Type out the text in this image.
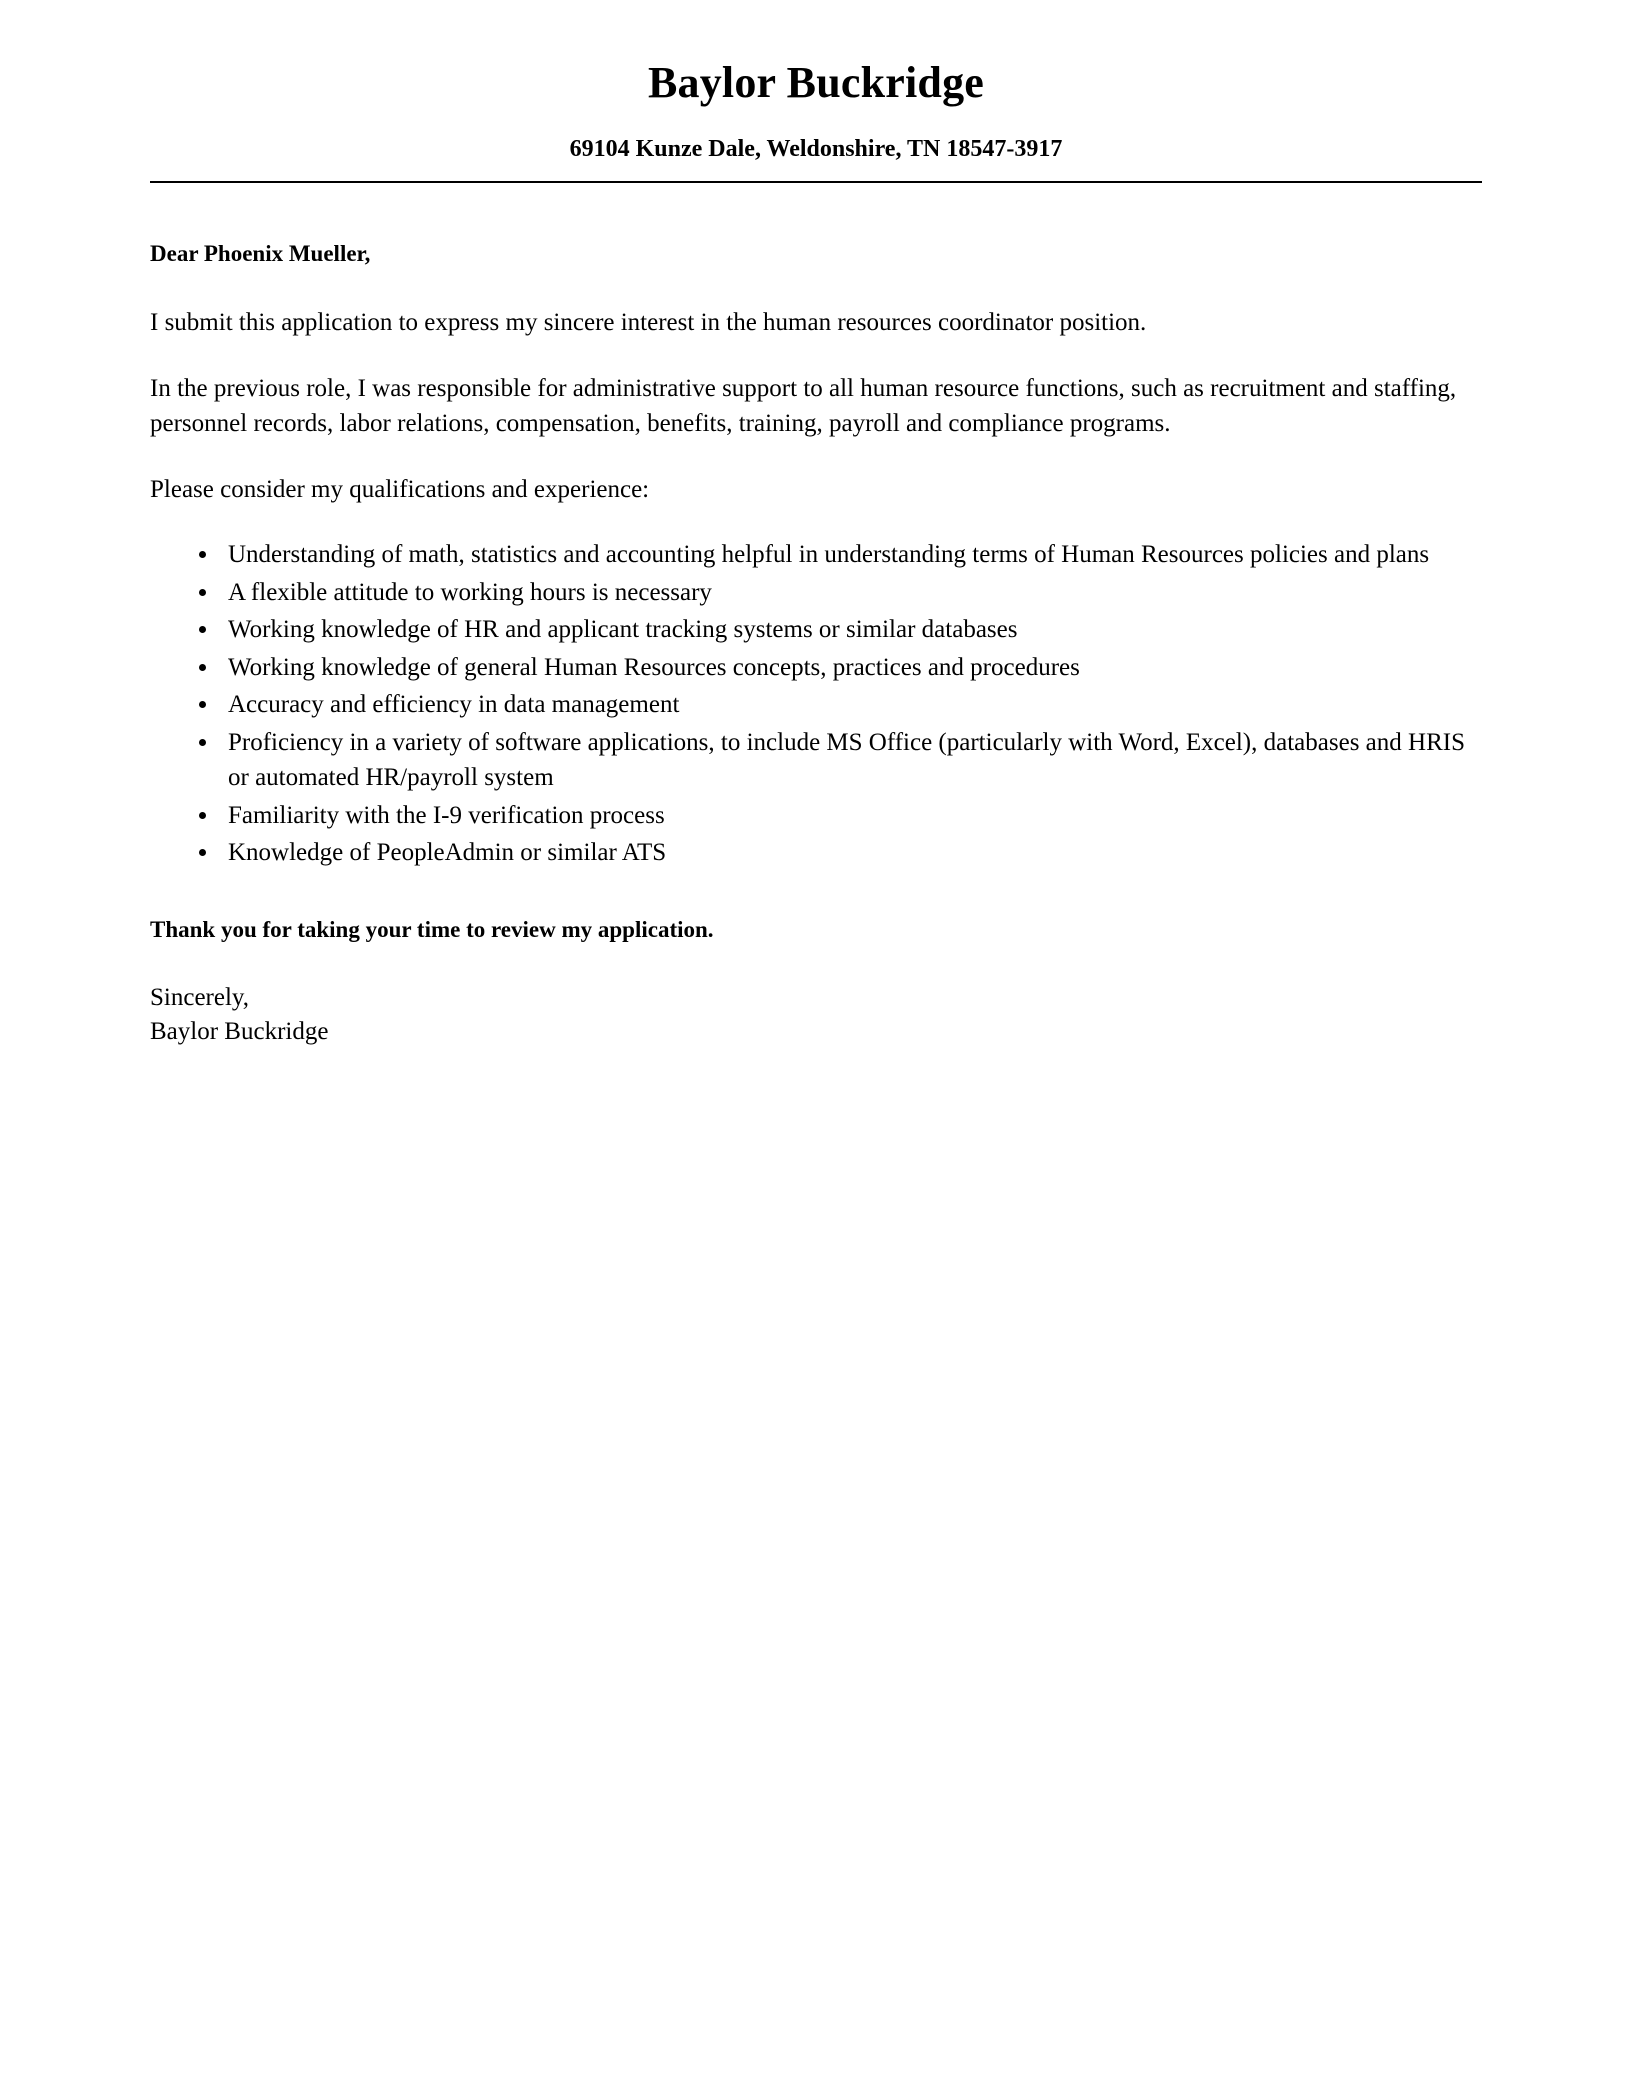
Baylor Buckridge
69104 Kunze Dale, Weldonshire, TN 18547-3917
Dear Phoenix Mueller,

I submit this application to express my sincere interest in the human resources coordinator position.

In the previous role, I was responsible for administrative support to all human resource functions, such as recruitment and staffing, personnel records, labor relations, compensation, benefits, training, payroll and compliance programs.

Please consider my qualifications and experience:

• Understanding of math, statistics and accounting helpful in understanding terms of Human Resources policies and plans
• A flexible attitude to working hours is necessary
• Working knowledge of HR and applicant tracking systems or similar databases
• Working knowledge of general Human Resources concepts, practices and procedures
• Accuracy and efficiency in data management
• Proficiency in a variety of software applications, to include MS Office (particularly with Word, Excel), databases and HRIS or automated HR/payroll system
• Familiarity with the I-9 verification process
• Knowledge of PeopleAdmin or similar ATS
Thank you for taking your time to review my application.
Sincerely,
Baylor Buckridge
